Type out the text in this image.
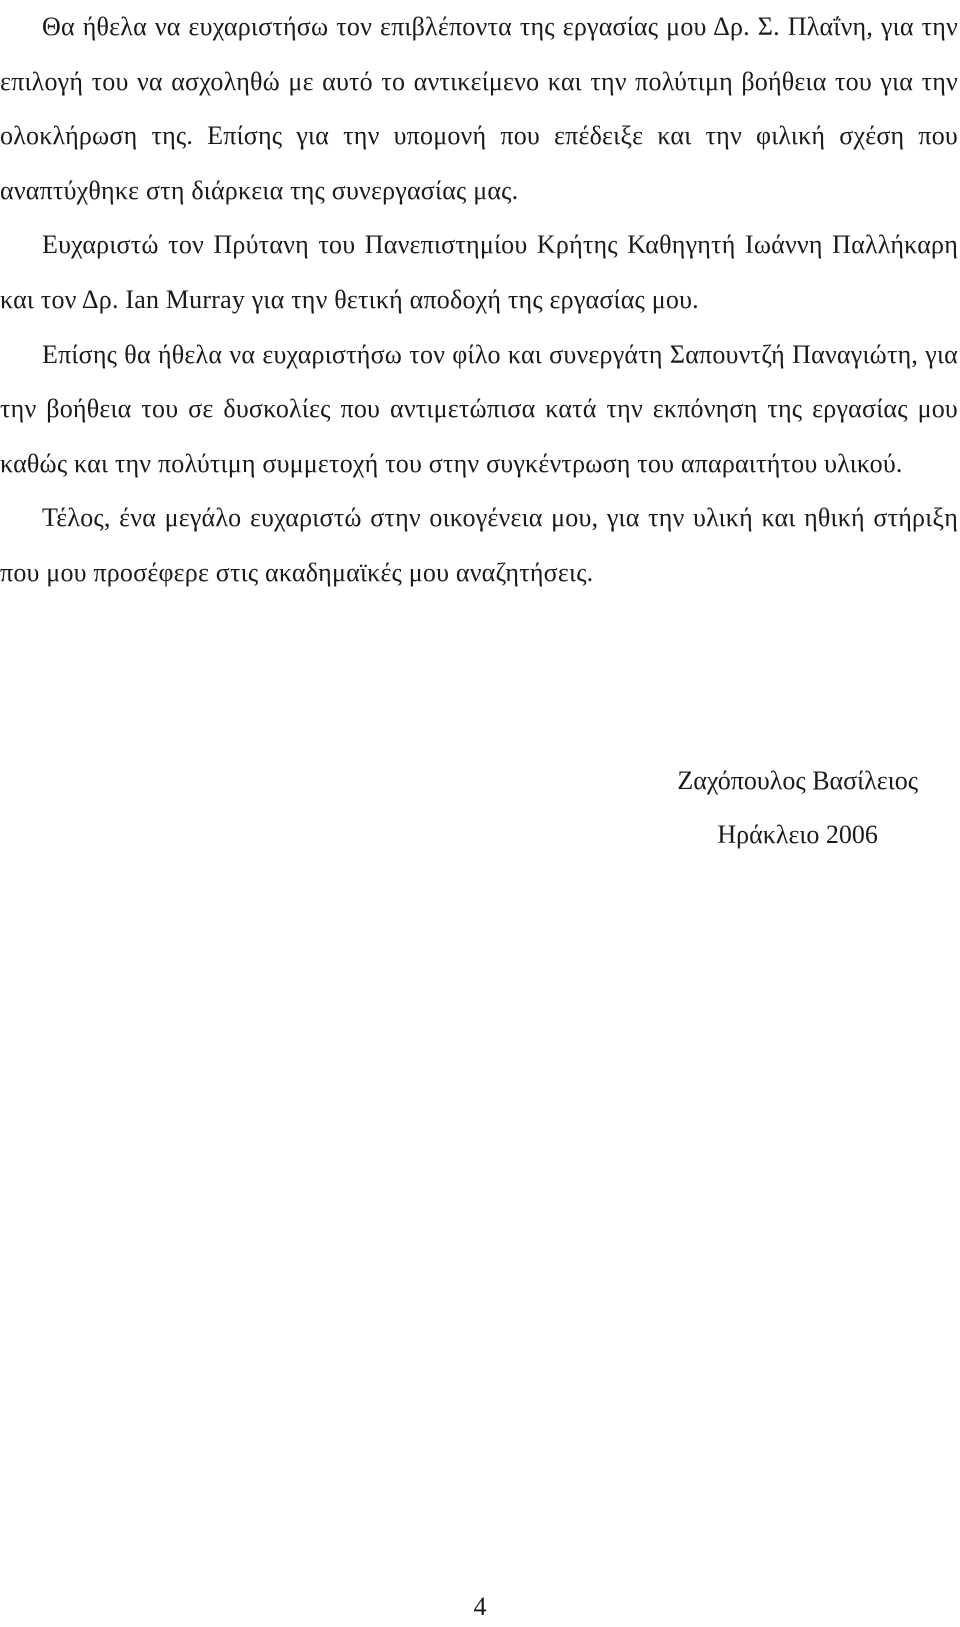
Θα ήθελα να ευχαριστήσω τον επιβλέποντα της εργασίας μου Δρ. Σ. Πλαΐνη, για την επιλογή του να ασχοληθώ με αυτό το αντικείμενο και την πολύτιμη βοήθεια του για την ολοκλήρωση της. Επίσης για την υπομονή που επέδειξε και την φιλική σχέση που αναπτύχθηκε στη διάρκεια της συνεργασίας μας.

Ευχαριστώ τον Πρύτανη του Πανεπιστημίου Κρήτης Καθηγητή Ιωάννη Παλλήκαρη και τον Δρ. Ian Murray για την θετική αποδοχή της εργασίας μου.

Επίσης θα ήθελα να ευχαριστήσω τον φίλο και συνεργάτη Σαπουντζή Παναγιώτη, για την βοήθεια του σε δυσκολίες που αντιμετώπισα κατά την εκπόνηση της εργασίας μου καθώς και την πολύτιμη συμμετοχή του στην συγκέντρωση του απαραιτήτου υλικού.

Τέλος, ένα μεγάλο ευχαριστώ στην οικογένεια μου, για την υλική και ηθική στήριξη που μου προσέφερε στις ακαδημαϊκές μου αναζητήσεις.

Ζαχόπουλος Βασίλειος
Ηράκλειο 2006
4
